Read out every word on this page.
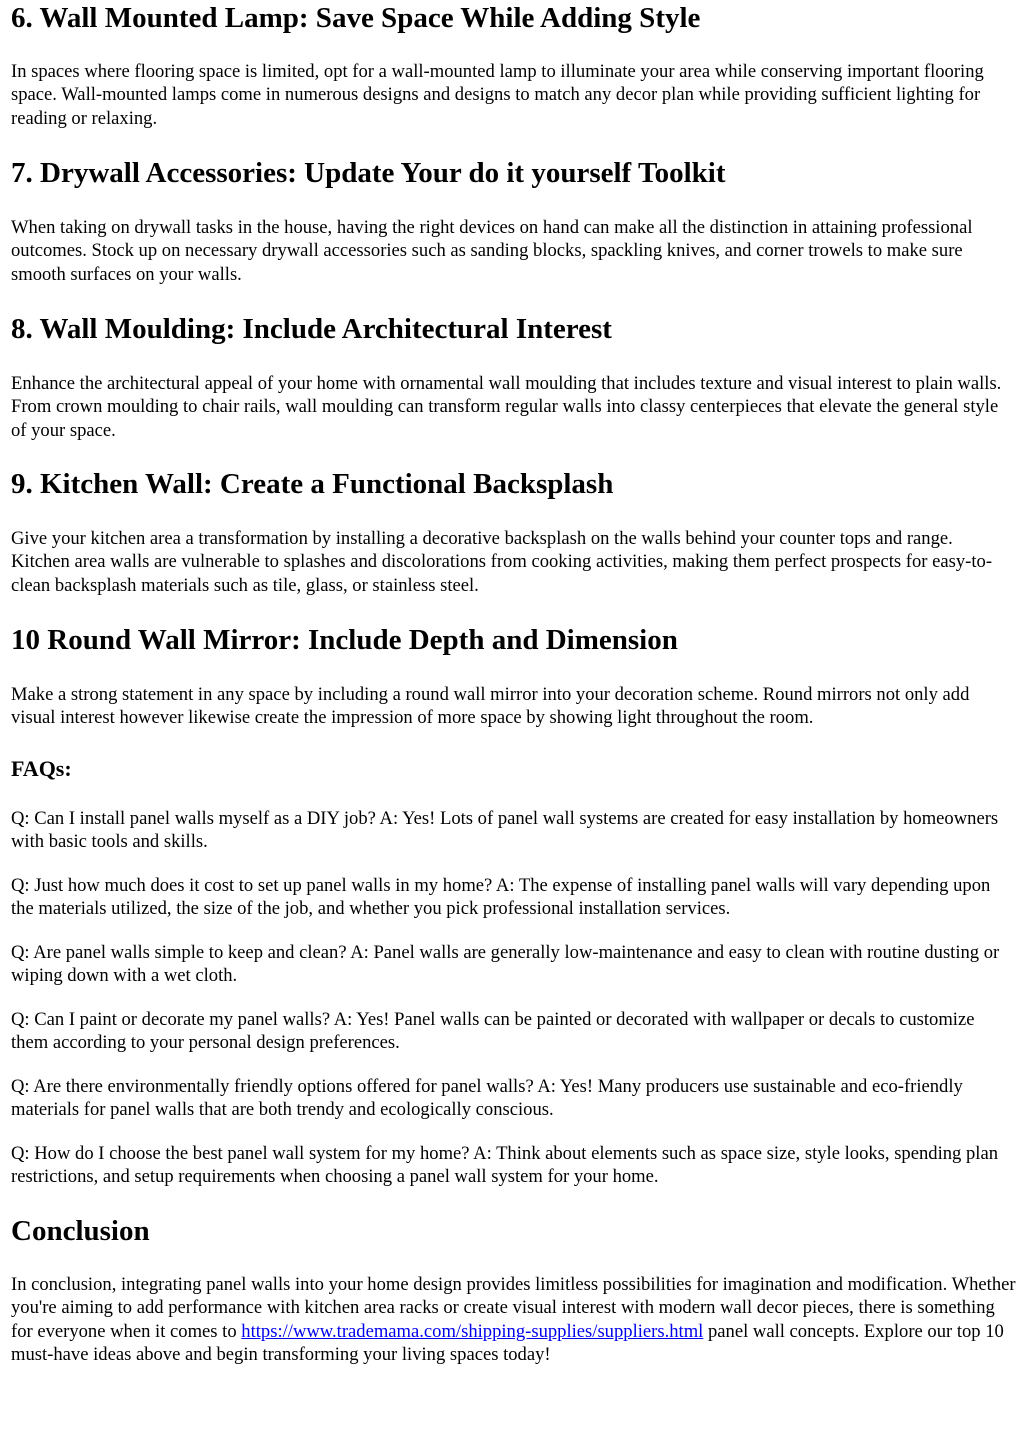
6. Wall Mounted Lamp: Save Space While Adding Style

In spaces where flooring space is limited, opt for a wall-mounted lamp to illuminate your area while conserving important flooring space. Wall-mounted lamps come in numerous designs and designs to match any decor plan while providing sufficient lighting for reading or relaxing.

7. Drywall Accessories: Update Your do it yourself Toolkit

When taking on drywall tasks in the house, having the right devices on hand can make all the distinction in attaining professional outcomes. Stock up on necessary drywall accessories such as sanding blocks, spackling knives, and corner trowels to make sure smooth surfaces on your walls.

8. Wall Moulding: Include Architectural Interest

Enhance the architectural appeal of your home with ornamental wall moulding that includes texture and visual interest to plain walls. From crown moulding to chair rails, wall moulding can transform regular walls into classy centerpieces that elevate the general style of your space.

9. Kitchen Wall: Create a Functional Backsplash

Give your kitchen area a transformation by installing a decorative backsplash on the walls behind your counter tops and range. Kitchen area walls are vulnerable to splashes and discolorations from cooking activities, making them perfect prospects for easy-to-clean backsplash materials such as tile, glass, or stainless steel.

10 Round Wall Mirror: Include Depth and Dimension

Make a strong statement in any space by including a round wall mirror into your decoration scheme. Round mirrors not only add visual interest however likewise create the impression of more space by showing light throughout the room.

FAQs:

Q: Can I install panel walls myself as a DIY job? A: Yes! Lots of panel wall systems are created for easy installation by homeowners with basic tools and skills.

Q: Just how much does it cost to set up panel walls in my home? A: The expense of installing panel walls will vary depending upon the materials utilized, the size of the job, and whether you pick professional installation services.

Q: Are panel walls simple to keep and clean? A: Panel walls are generally low-maintenance and easy to clean with routine dusting or wiping down with a wet cloth.

Q: Can I paint or decorate my panel walls? A: Yes! Panel walls can be painted or decorated with wallpaper or decals to customize them according to your personal design preferences.

Q: Are there environmentally friendly options offered for panel walls? A: Yes! Many producers use sustainable and eco-friendly materials for panel walls that are both trendy and ecologically conscious.

Q: How do I choose the best panel wall system for my home? A: Think about elements such as space size, style looks, spending plan restrictions, and setup requirements when choosing a panel wall system for your home.

Conclusion

In conclusion, integrating panel walls into your home design provides limitless possibilities for imagination and modification. Whether you're aiming to add performance with kitchen area racks or create visual interest with modern wall decor pieces, there is something for everyone when it comes to https://www.trademama.com/shipping-supplies/suppliers.html panel wall concepts. Explore our top 10 must-have ideas above and begin transforming your living spaces today!
